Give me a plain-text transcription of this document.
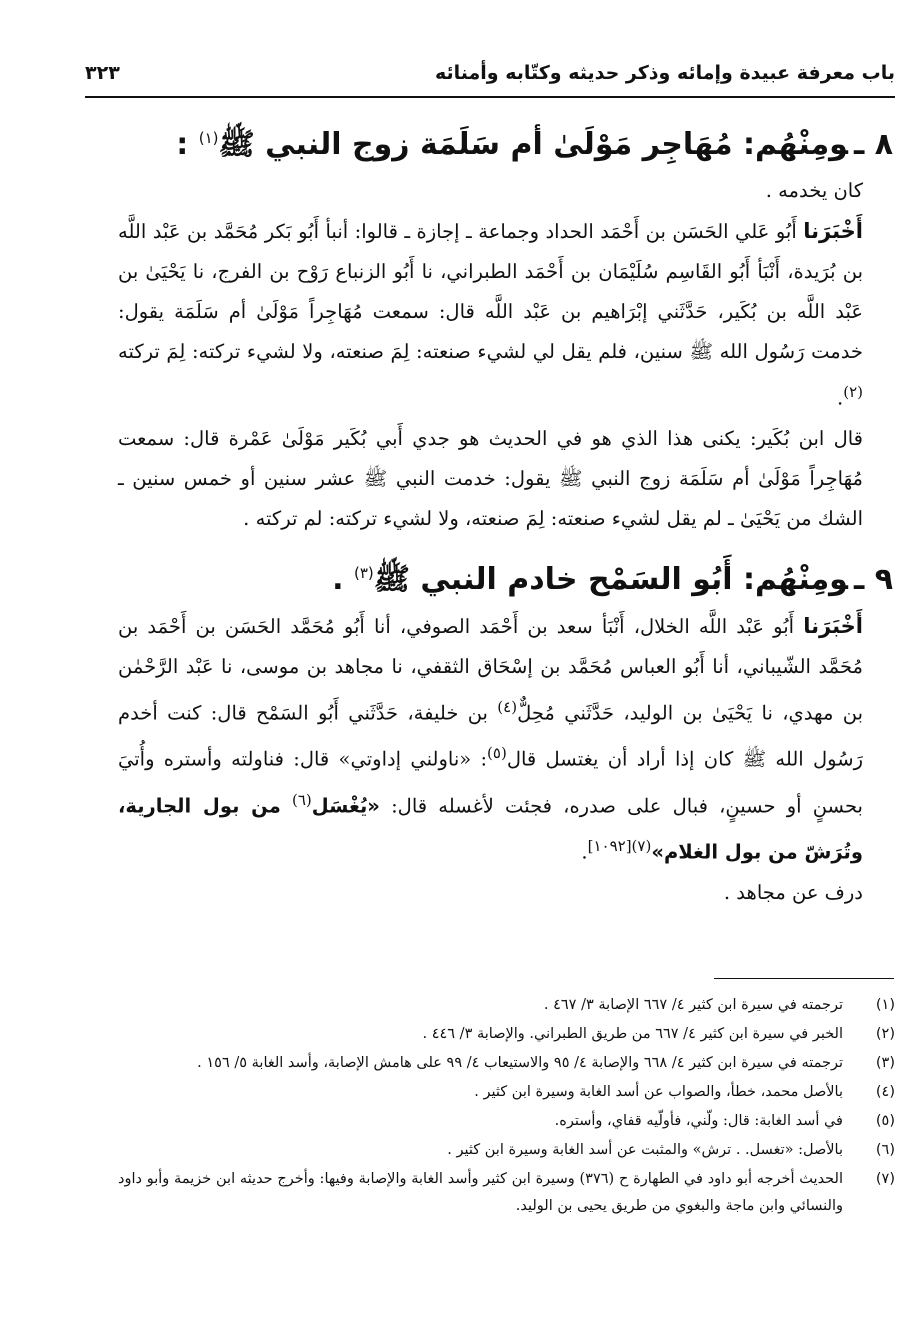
باب معرفة عبيدة وإمائه وذكر حديثه وكتّابه وأمنائه
٣٢٣
٨ ـومِنْهُم: مُهَاجِر مَوْلَىٰ أم سَلَمَة زوج النبي ﷺ$^{(١)}$ :

كان يخدمه .

أَخْبَرَنا أَبُو عَلي الحَسَن بن أَحْمَد الحداد وجماعة ـ إجازة ـ قالوا: أنبأ أَبُو بَكر مُحَمَّد بن عَبْد اللَّه بن بُرَيدة، أَنْبَأ أَبُو القَاسِم سُلَيْمَان بن أَحْمَد الطبراني، نا أَبُو الزنباع رَوْح بن الفرج، نا يَحْيَىٰ بن عَبْد اللَّه بن بُكَير، حَدَّثَني إبْرَاهيم بن عَبْد اللَّه قال: سمعت مُهَاجِراً مَوْلَىٰ أم سَلَمَة يقول: خدمت رَسُول الله ﷺ سنين، فلم يقل لي لشيء صنعته: لِمَ صنعته، ولا لشيء تركته: لِمَ تركته $^{(٢)}$.

قال ابن بُكَير: يكنى هذا الذي هو في الحديث هو جدي أَبي بُكَير مَوْلَىٰ عَمْرة قال: سمعت مُهَاجِراً مَوْلَىٰ أم سَلَمَة زوج النبي ﷺ يقول: خدمت النبي ﷺ عشر سنين أو خمس سنين ـ الشك من يَحْيَىٰ ـ لم يقل لشيء صنعته: لِمَ صنعته، ولا لشيء تركته: لم تركته .

٩ ـومِنْهُم: أَبُو السَمْح خادم النبي ﷺ$^{(٣)}$ .

أَخْبَرَنا أَبُو عَبْد اللَّه الخلال، أَنْبَأ سعد بن أَحْمَد الصوفي، أنا أَبُو مُحَمَّد الحَسَن بن أَحْمَد بن مُحَمَّد الشّيباني، أنا أَبُو العباس مُحَمَّد بن إسْحَاق الثقفي، نا مجاهد بن موسى، نا عَبْد الرَّحْمٰن بن مهدي، نا يَحْيَىٰ بن الوليد، حَدَّثَني مُحِلٌّ$^{(٤)}$ بن خليفة، حَدَّثَني أَبُو السَمْح قال: كنت أخدم رَسُول الله ﷺ كان إذا أراد أن يغتسل قال$^{(٥)}$: «ناولني إداوتي» قال: فناولته وأستره وأُتيَ بحسنٍ أو حسينٍ، فبال على صدره، فجئت لأغسله قال: «يُغْسَل$^{(٦)}$ من بول الجارية، وتُرَشّ من بول الغلام»$^{(٧)[١٠٩٢]}$.

درف عن مجاهد .

(١)
ترجمته في سيرة ابن كثير ٤/ ٦٦٧ الإصابة ٣/ ٤٦٧ .

(٢)
الخبر في سيرة ابن كثير ٤/ ٦٦٧ من طريق الطبراني. والإصابة ٣/ ٤٤٦ .

(٣)
ترجمته في سيرة ابن كثير ٤/ ٦٦٨ والإصابة ٤/ ٩٥ والاستيعاب ٤/ ٩٩ على هامش الإصابة، وأسد الغابة ٥/ ١٥٦ .

(٤)
بالأصل محمد، خطأ، والصواب عن أسد الغابة وسيرة ابن كثير .

(٥)
في أسد الغابة: قال: ولّني، فأولّيه قفاي، وأستره.

(٦)
بالأصل: «تغسل. . ترش» والمثبت عن أسد الغابة وسيرة ابن كثير .

(٧)
الحديث أخرجه أبو داود في الطهارة ح (٣٧٦) وسيرة ابن كثير وأسد الغابة والإصابة وفيها: وأخرج حديثه ابن خزيمة وأبو داود والنسائي وابن ماجة والبغوي من طريق يحيى بن الوليد.
